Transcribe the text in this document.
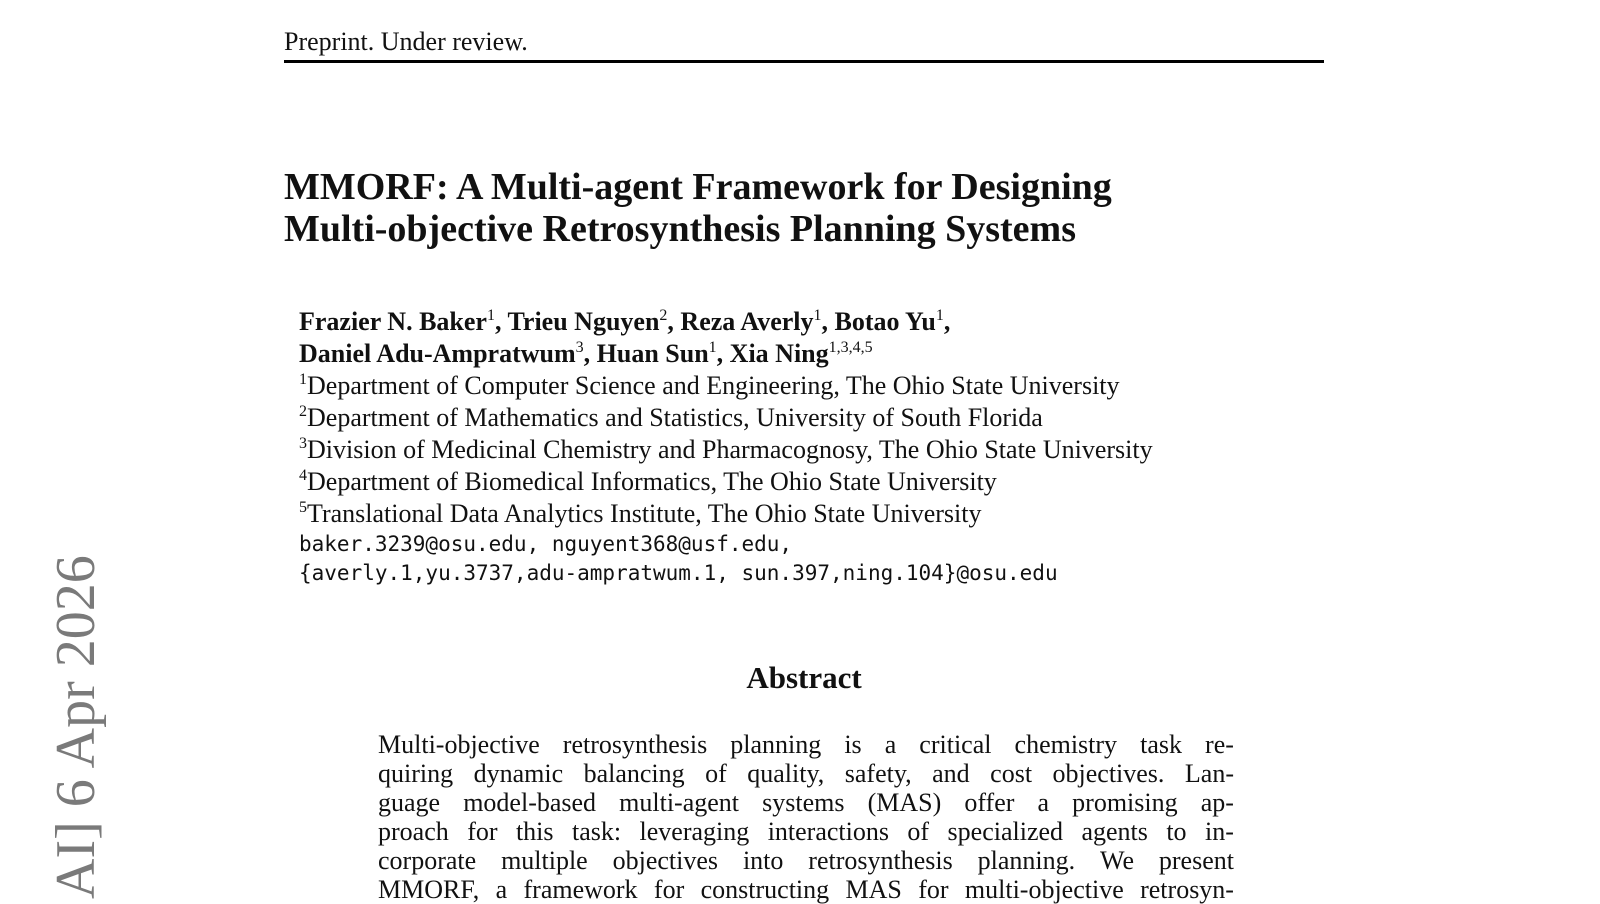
Preprint. Under review.
MMORF: A Multi-agent Framework for Designing
Multi-objective Retrosynthesis Planning Systems
Frazier N. Baker$^1$, Trieu Nguyen$^2$, Reza Averly$^1$, Botao Yu$^1$,
Daniel Adu-Ampratwum$^3$, Huan Sun$^1$, Xia Ning$^{1,3,4,5}$
$^1$Department of Computer Science and Engineering, The Ohio State University
$^2$Department of Mathematics and Statistics, University of South Florida
$^3$Division of Medicinal Chemistry and Pharmacognosy, The Ohio State University
$^4$Department of Biomedical Informatics, The Ohio State University
$^5$Translational Data Analytics Institute, The Ohio State University
baker.3239@osu.edu, nguyent368@usf.edu,
{averly.1,yu.3737,adu-ampratwum.1, sun.397,ning.104}@osu.edu
Abstract
Multi-objective retrosynthesis planning is a critical chemistry task re-
quiring dynamic balancing of quality, safety, and cost objectives. Lan-
guage model-based multi-agent systems (MAS) offer a promising ap-
proach for this task: leveraging interactions of specialized agents to in-
corporate multiple objectives into retrosynthesis planning. We present
MMORF, a framework for constructing MAS for multi-objective retrosyn-
AI] 6 Apr 2026
